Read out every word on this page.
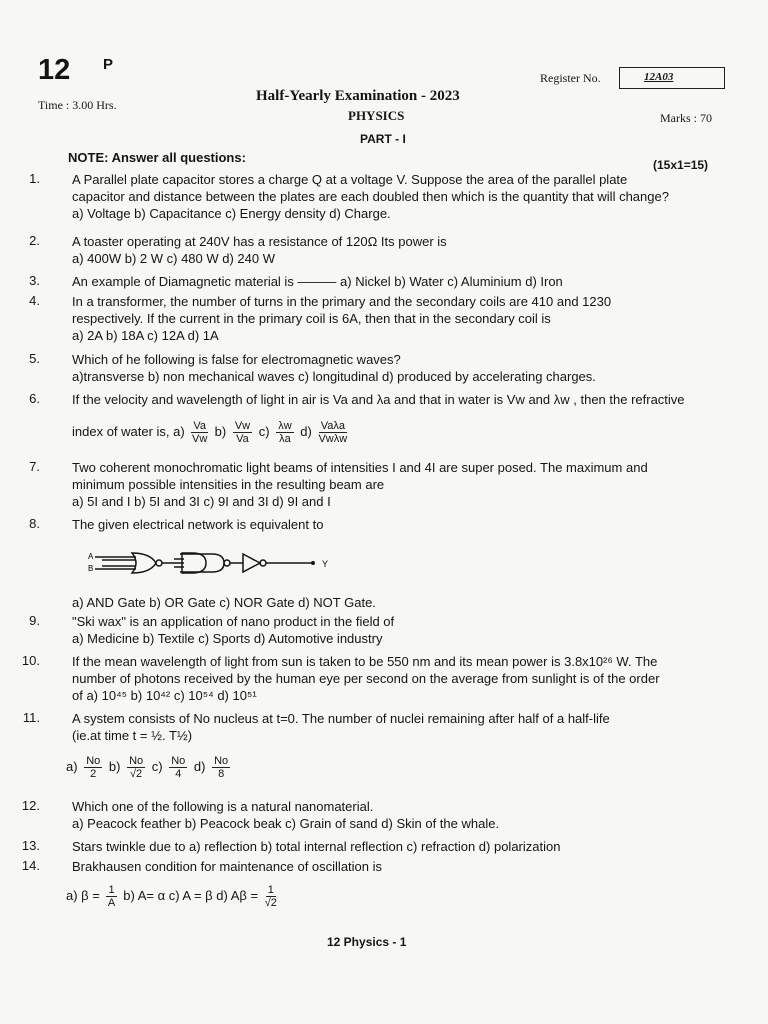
12 P
Register No.	12A03
Time : 3.00 Hrs.
Half-Yearly Examination - 2023
PHYSICS	Marks : 70
PART - I
NOTE: Answer all questions:	(15x1=15)
1. A Parallel plate capacitor stores a charge Q at a voltage V. Suppose the area of the parallel plate
capacitor and distance between the plates are each doubled then which is the quantity that will change?
a) Voltage b) Capacitance c) Energy density d) Charge.
2. A toaster operating at 240V has a resistance of 120Ω Its power is
a) 400W b) 2 W c) 480 W d) 240 W
3. An example of Diamagnetic material is ——— a) Nickel b) Water c) Aluminium d) Iron
4. In a transformer, the number of turns in the primary and the secondary coils are 410 and 1230
respectively. If the current in the primary coil is 6A, then that in the secondary coil is
a) 2A b) 18A c) 12A d) 1A
5. Which of he following is false for electromagnetic waves?
a)transverse b) non mechanical waves c) longitudinal d) produced by accelerating charges.
6. If the velocity and wavelength of light in air is Va and λa and that in water is Vw and λw , then the refractive
index of water is, $a) \frac{Va}{Vw} b) \frac{Vw}{Va} c) \frac{\lambda w}{\lambda a} d) \frac{\text{Vaλa}}{\text{Vwλw}}$
7. Two coherent monochromatic light beams of intensities I and 4I are super posed. The maximum and
minimum possible intensities in the resulting beam are
a) 5I and I b) 5I and 3I c) 9I and 3I d) 9I and I
8. The given electrical network is equivalent to
A
B	Y
a) AND Gate b) OR Gate c) NOR Gate d) NOT Gate.
9. "Ski wax" is an application of nano product in the field of
a) Medicine b) Textile c) Sports d) Automotive industry
10. If the mean wavelength of light from sun is taken to be 550 nm and its mean power is 3.8x10²⁶ W. The
number of photons received by the human eye per second on the average from sunlight is of the order
of a) 10⁴⁵ b) 10⁴² c) 10⁵⁴ d) 10⁵¹
11. A system consists of No nucleus at t=0. The number of nuclei remaining after half of a half-life
(ie.at time t = ½. T½)
$a) \frac{No}{2} b) \frac{No}{√2} c) \frac{No}{4} d) \frac{No}{8}$
12. Which one of the following is a natural nanomaterial.
a) Peacock feather b) Peacock beak c) Grain of sand d) Skin of the whale.
13. Stars twinkle due to a) reflection b) total internal reflection c) refraction d) polarization
14. Brakhausen condition for maintenance of oscillation is
a) $\beta = \frac{1}{A} b$) A= α c) A = β d) $A\beta = \frac{1}{√2}$
12 Physics - 1
